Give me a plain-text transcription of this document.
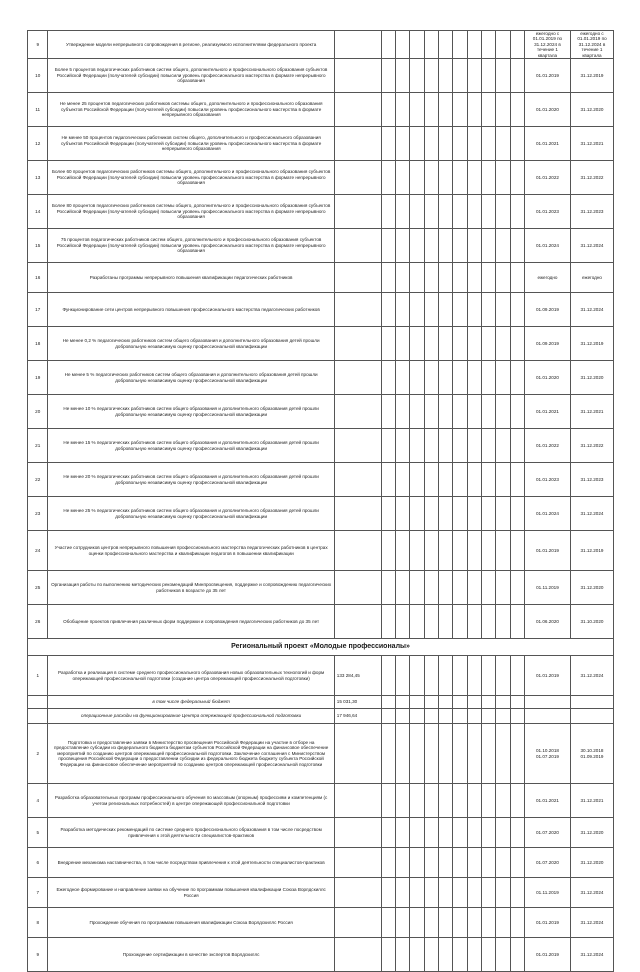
9	Утверждение модели непрерывного сопровождения в регионе, реализуемого исполнителями федерального проекта												ежегодно с 01.01.2019 по 31.12.2024 в течение 1 квартала	ежегодно с 01.01.2019 по 31.12.2024 в течение 1 квартала
10	Более 5 процентов педагогических работников систем общего, дополнительного и профессионального образования субъектов Российской Федерации (получателей субсидии) повысили уровень профессионального мастерства в формате непрерывного образования												01.01.2019	31.12.2019
11	Не менее 25 процентов педагогических работников системы общего, дополнительного и профессионального образования субъектов Российской Федерации (получателей субсидии) повысили уровень профессионального мастерства в формате непрерывного образования												01.01.2020	31.12.2020
12	Не менее 50 процентов педагогических работников систем общего, дополнительного и профессионального образования субъектов Российской Федерации (получателей субсидии) повысили уровень профессионального мастерства в формате непрерывного образования												01.01.2021	31.12.2021
13	Более 60 процентов педагогических работников системы общего, дополнительного и профессионального образования субъектов Российской Федерации (получателей субсидии) повысили уровень профессионального мастерства в формате непрерывного образования												01.01.2022	31.12.2022
14	Более 80 процентов педагогических работников системы общего, дополнительного и профессионального образования субъектов Российской Федерации (получателей субсидии) повысили уровень профессионального мастерства в формате непрерывного образования												01.01.2023	31.12.2023
15	75 процентов педагогических работников систем общего, дополнительного и профессионального образования субъектов Российской Федерации (получателей субсидии) повысили уровень профессионального мастерства в формате непрерывного образования												01.01.2024	31.12.2024
16	Разработаны программы непрерывного повышения квалификации педагогических работников												ежегодно	ежегодно
17	Функционирование сети центров непрерывного повышения профессионального мастерства педагогических работников												01.09.2019	31.12.2024
18	Не менее 0,2 % педагогических работников систем общего образования и дополнительного образования детей прошли добровольную независимую оценку профессиональной квалификации												01.09.2019	31.12.2019
19	Не менее 5 % педагогических работников систем общего образования и дополнительного образования детей прошли добровольную независимую оценку профессиональной квалификации												01.01.2020	31.12.2020
20	Не менее 10 % педагогических работников систем общего образования и дополнительного образования детей прошли добровольную независимую оценку профессиональной квалификации												01.01.2021	31.12.2021
21	Не менее 15 % педагогических работников систем общего образования и дополнительного образования детей прошли добровольную независимую оценку профессиональной квалификации												01.01.2022	31.12.2022
22	Не менее 20 % педагогических работников систем общего образования и дополнительного образования детей прошли добровольную независимую оценку профессиональной квалификации												01.01.2023	31.12.2023
23	Не менее 25 % педагогических работников систем общего образования и дополнительного образования детей прошли добровольную независимую оценку профессиональной квалификации												01.01.2024	31.12.2024
24	Участие сотрудников центров непрерывного повышения профессионального мастерства педагогических работников в центрах оценки профессионального мастерства и квалификации педагогов в повышении квалификации												01.01.2019	31.12.2019
25	Организация работы по выполнению методических рекомендаций Минпросвещения, поддержке и сопровождению педагогических работников в возрасте до 35 лет												01.11.2019	31.12.2020
26	Обобщение проектов привлечения различных форм поддержки и сопровождения педагогических работников до 35 лет												01.06.2020	31.10.2020
Региональный проект «Молодые профессионалы»														
1	Разработка и реализация в системе среднего профессионального образования новых образовательных технологий и форм опережающей профессиональной подготовки (создание центра опережающей профессиональной подготовки)	133 284,45											01.01.2019	31.12.2024
	в том числе федеральный бюджет	15 031,30												
	операционные расходы на функционирование Центра опережающей профессиональной подготовки	17 946,64												
2	Подготовка и предоставление заявки в Министерство просвещения Российской Федерации на участие в отборе на предоставление субсидии из федерального бюджета бюджетам субъектов Российской Федерации на финансовое обеспечение мероприятий по созданию центров опережающей профессиональной подготовки. Заключение соглашения с Министерством просвещения Российской Федерации о предоставлении субсидии из федерального бюджета бюджету субъекта Российской Федерации на финансовое обеспечение мероприятий по созданию центров опережающей профессиональной подготовки												01.10.2018 01.07.2019	30.10.2018 01.09.2019
4	Разработка образовательных программ профессионального обучения по массовым (опорным) профессиям и компетенциям (с учетом региональных потребностей) в центре опережающей профессиональной подготовки												01.01.2021	31.12.2021
5	Разработка методических рекомендаций по системе среднего профессионального образования в том числе посредством привлечения к этой деятельности специалистов-практиков												01.07.2020	31.12.2020
6	Внедрение механизма наставничества, в том числе посредством привлечения к этой деятельности специалистов-практиков												01.07.2020	31.12.2020
7	Ежегодное формирование и направление заявки на обучение по программам повышения квалификации Союза Ворлдскиллс Россия												01.11.2019	31.12.2024
8	Прохождение обучения по программам повышения квалификации Союза Ворлдскиллс Россия												01.01.2019	31.12.2024
9	Прохождение сертификации в качестве экспертов Ворлдскиллс												01.01.2019	31.12.2024
